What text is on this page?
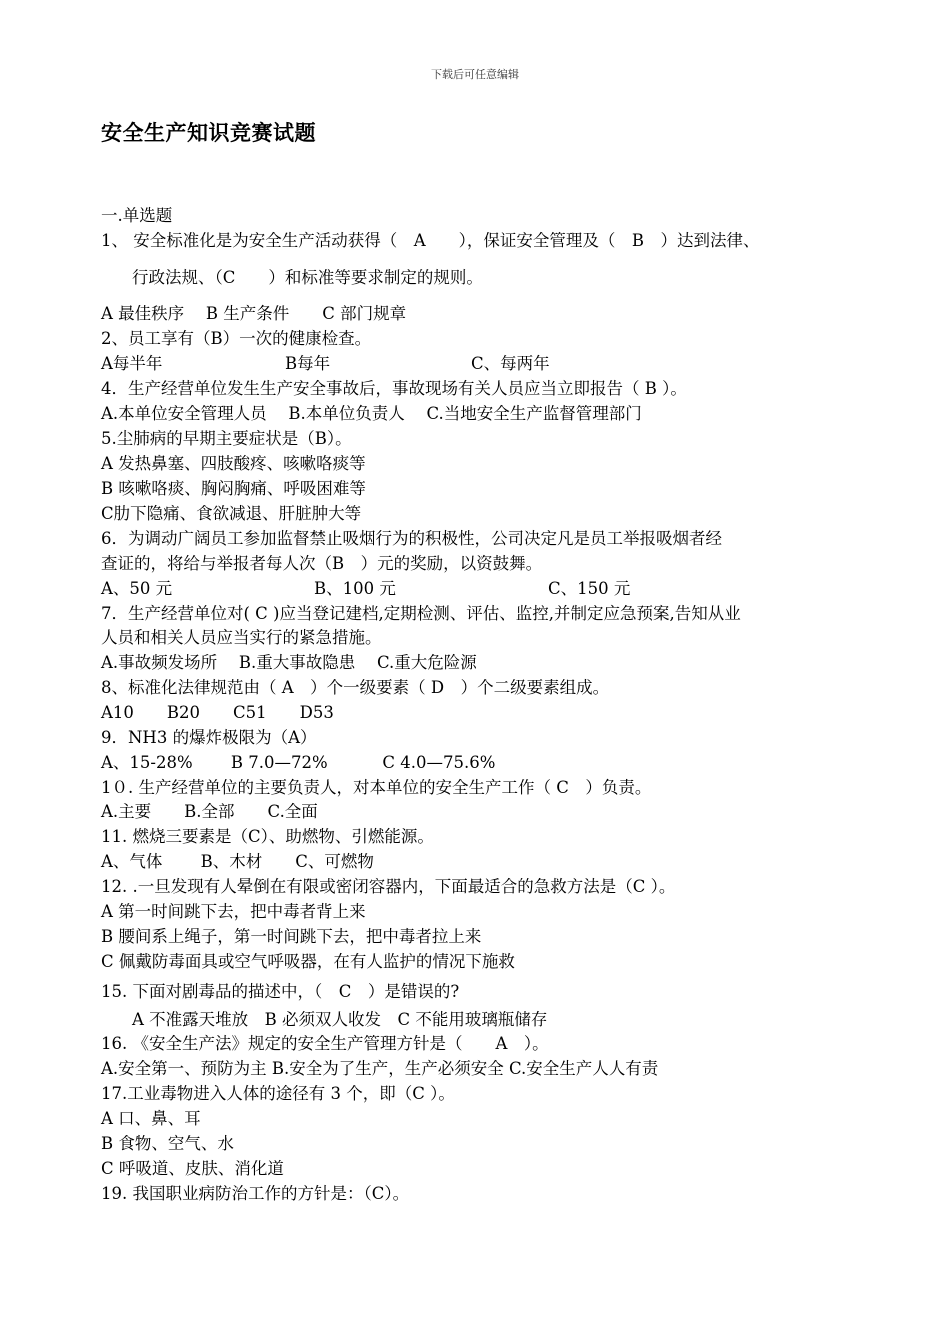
下载后可任意编辑
安全生产知识竞赛试题
一.单选题
1、 安全标准化是为安全生产活动获得（　A　　），保证安全管理及（　B　）达到法律、
行政法规、（C　　）和标准等要求制定的规则。
A 最佳秩序　 B 生产条件　　C 部门规章
2、员工享有（B）一次的健康检查。
A每半年	B每年	C、每两年
4．生产经营单位发生生产安全事故后，事故现场有关人员应当立即报告（ B ）。
A.本单位安全管理人员　 B.本单位负责人　 C.当地安全生产监督管理部门
5.尘肺病的早期主要症状是（B）。
A 发热鼻塞、四肢酸疼、咳嗽咯痰等
B 咳嗽咯痰、胸闷胸痛、呼吸困难等
C肋下隐痛、食欲减退、肝脏肿大等
6．为调动广阔员工参加监督禁止吸烟行为的积极性，公司决定凡是员工举报吸烟者经
查证的，将给与举报者每人次（B　）元的奖励，以资鼓舞。
A、50 元	B、100 元	C、150 元
7．生产经营单位对( C )应当登记建档,定期检测、评估、监控,并制定应急预案,告知从业
人员和相关人员应当实行的紧急措施。
A.事故频发场所　 B.重大事故隐患　 C.重大危险源
8、标准化法律规范由（ A　）个一级要素（ D　）个二级要素组成。
A10　　B20　　C51　　D53
9．NH3 的爆炸极限为（A）
A、15-28%　　 B 7.0—72%　　　 C 4.0—75.6%
1０. 生产经营单位的主要负责人，对本单位的安全生产工作（ C　）负责。
A.主要　　B.全部　　C.全面
11. 燃烧三要素是（C）、助燃物、引燃能源。
A、气体　　 B、木材　　C、可燃物
12. .一旦发现有人晕倒在有限或密闭容器内，下面最适合的急救方法是（C ）。
A 第一时间跳下去，把中毒者背上来
B 腰间系上绳子，第一时间跳下去，把中毒者拉上来
C 佩戴防毒面具或空气呼吸器，在有人监护的情况下施救
15. 下面对剧毒品的描述中，（　C　）是错误的?
A 不准露天堆放　B 必须双人收发　C 不能用玻璃瓶储存
16. 《安全生产法》规定的安全生产管理方针是（　　A　）。
A.安全第一、预防为主 B.安全为了生产，生产必须安全 C.安全生产人人有责
17.工业毒物进入人体的途径有 3 个，即（C ）。
A 口、鼻、耳
B 食物、空气、水
C 呼吸道、皮肤、消化道
19. 我国职业病防治工作的方针是：（C）。
